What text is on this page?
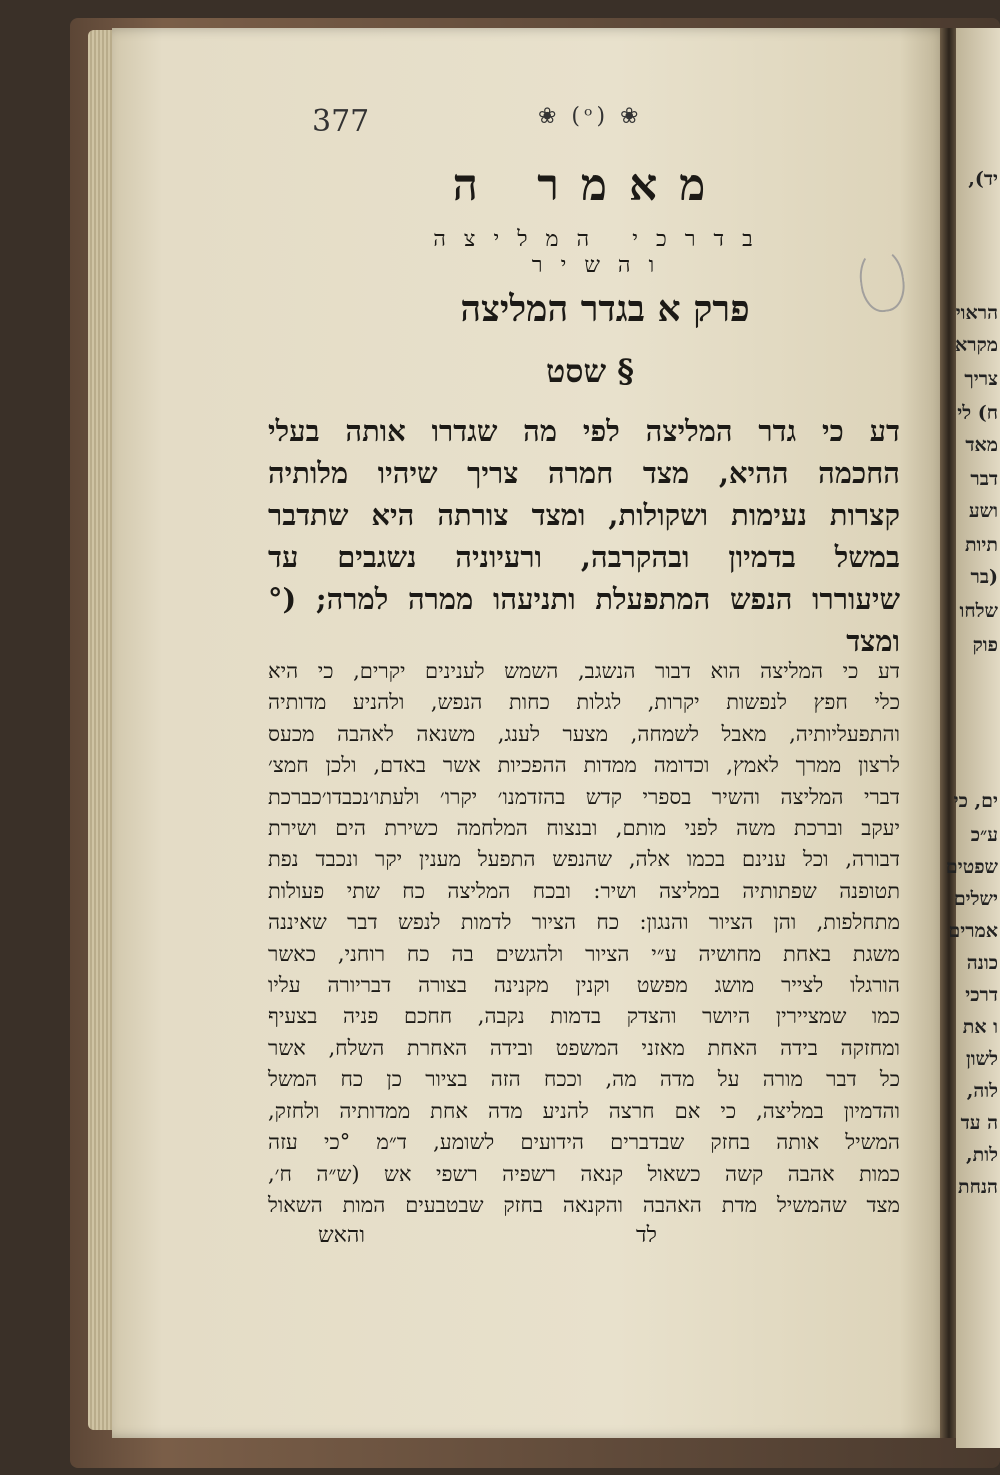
יד),
הראוי
מקרא
צריך
ח) לי
מאד
דבר
ושע
תיות
(בר
שלחו
פוק
ים, כי
ע״כ
שפטים
ישלים
אמרים
כונה
דרכי
ו את
לשון
לוה,
ה עד
לות,
הנחת
377	❀ (ᵒ) ❀
מאמר ה
בדרכי המליצה והשיר
פרק א בגדר המליצה
§ שסט
דע כי גדר המליצה לפי מה שגדרו אותה בעלי
החכמה ההיא, מצד חמרה צריך שיהיו מלותיה
קצרות נעימות ושקולות, ומצד צורתה היא שתדבר
במשל בדמיון ובהקרבה, ורעיוניה נשגבים עד
שיעוררו הנפש המתפעלת ותניעהו ממרה למרה; (°
ומצד
דע כי המליצה הוא דבור הנשגב, השמש לענינים יקרים, כי היא
כלי חפץ לנפשות יקרות, לגלות כחות הנפש, ולהניע מדותיה
והתפעליותיה, מאבל לשמחה, מצער לענג, משנאה לאהבה מכעס
לרצון ממרך לאמץ, וכדומה ממדות ההפכיות אשר באדם, ולכן חמצ׳
דברי המליצה והשיר בספרי קדש בהזדמנו׳ יקרו׳ ולעתו׳נכבדו׳כברכת
יעקב וברכת משה לפני מותם, ובנצוח המלחמה כשירת הים ושירת
דבורה, וכל ענינם בכמו אלה, שהנפש התפעל מענין יקר ונכבד נפת
תטופנה שפתותיה במליצה ושיר: ובכח המליצה כח שתי פעולות
מתחלפות, והן הציור והנגון: כח הציור לדמות לנפש דבר שאיננה
משגת באחת מחושיה ע״י הציור ולהגשים בה כח רוחני, כאשר
הורגלו לצייר מושג מפשט וקנין מקנינה בצורה דבריורה עליו
כמו שמציירין היושר והצדק בדמות נקבה, חחכם פניה בצעיף
ומחזקה בידה האחת מאזני המשפט ובידה האחרת השלח, אשר
כל דבר מורה על מדה מה, וככח הזה בציור כן כח המשל
והדמיון במליצה, כי אם חרצה להניע מדה אחת ממדותיה ולחזק,
המשיל אותה בחזק שבדברים הידועים לשומע, ד״מ °כי עזה
כמות אהבה קשה כשאול קנאה רשפיה רשפי אש (ש״ה ח׳,
מצד שהמשיל מדת האהבה והקנאה בחזק שבטבעים המות השאול
והאש	לד
